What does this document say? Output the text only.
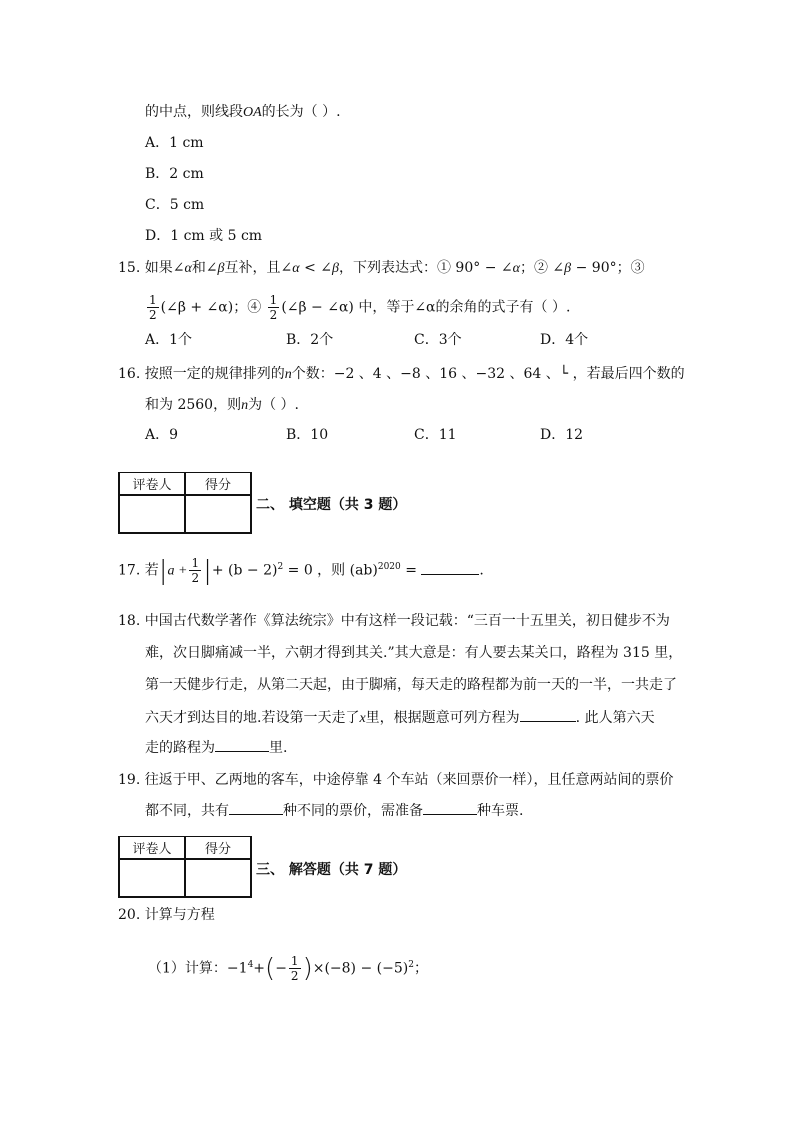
的中点，则线段OA的长为（ ）.
A．1 cm
B．2 cm
C．5 cm
D．1 cm 或 5 cm
15. 如果∠α和∠β互补，且∠α < ∠β，下列表达式：① 90° − ∠α；② ∠β − 90°；③
$\frac{1}{2}$ (∠β + ∠α)；④ $\frac{1}{2}$ (∠β − ∠α) 中，等于∠α的余角的式子有（ ）.
A．1个	B．2个	C．3个	D．4个
16. 按照一定的规律排列的n个数：−2 、4 、−8 、16 、−32 、64 、└ ，若最后四个数的
和为 2560，则n为（ ）.
A．9	B．10	C．11	D．12
评卷人	得分

二、 填空题（共 3 题）
17. 若$|a + \frac{1}{2}$ |+ $(b - 2)^2 = 0$ ，则 (ab)$^{2020}$ =	.
18. 中国古代数学著作《算法统宗》中有这样一段记载：“三百一十五里关，初日健步不为
难，次日脚痛减一半，六朝才得到其关.”其大意是：有人要去某关口，路程为 315 里，
第一天健步行走，从第二天起，由于脚痛，每天走的路程都为前一天的一半，一共走了
六天才到达目的地.若设第一天走了x里，根据题意可列方程为	. 此人第六天
走的路程为	里.
19. 往返于甲、乙两地的客车，中途停靠 4 个车站（来回票价一样），且任意两站间的票价
都不同，共有	种不同的票价，需准备	种车票.
评卷人	得分

三、 解答题（共 7 题）
20. 计算与方程
（1）计算：$-1^4+(- \frac{1}{2} )\times(-8) - (-5)^2$；
